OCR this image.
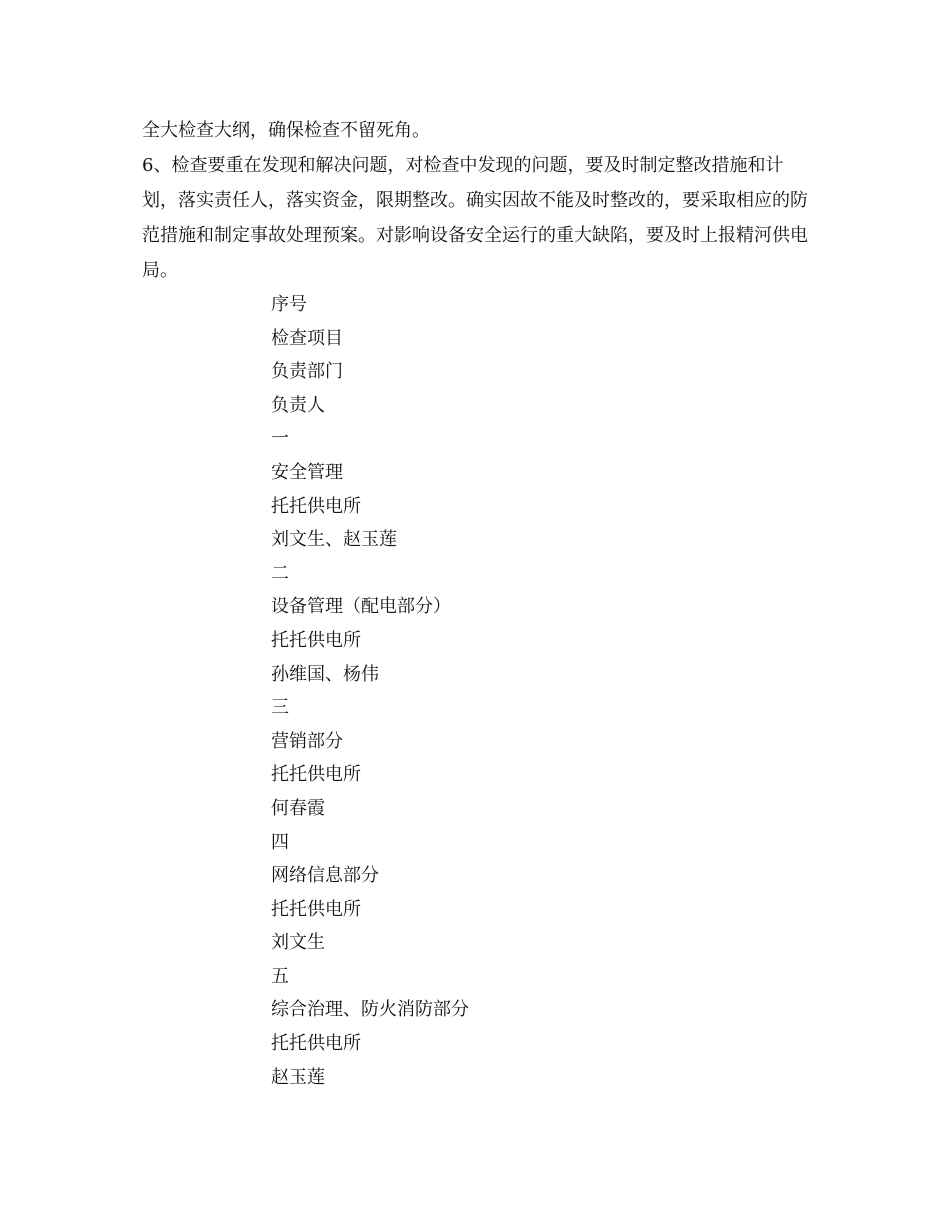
全大检查大纲，确保检查不留死角。

6、检查要重在发现和解决问题，对检查中发现的问题，要及时制定整改措施和计划，落实责任人，落实资金，限期整改。确实因故不能及时整改的，要采取相应的防范措施和制定事故处理预案。对影响设备安全运行的重大缺陷，要及时上报精河供电局。

序号
检查项目
负责部门
负责人
一
安全管理
托托供电所
刘文生、赵玉莲
二
设备管理（配电部分）
托托供电所
孙维国、杨伟
三
营销部分
托托供电所
何春霞
四
网络信息部分
托托供电所
刘文生
五
综合治理、防火消防部分
托托供电所
赵玉莲
